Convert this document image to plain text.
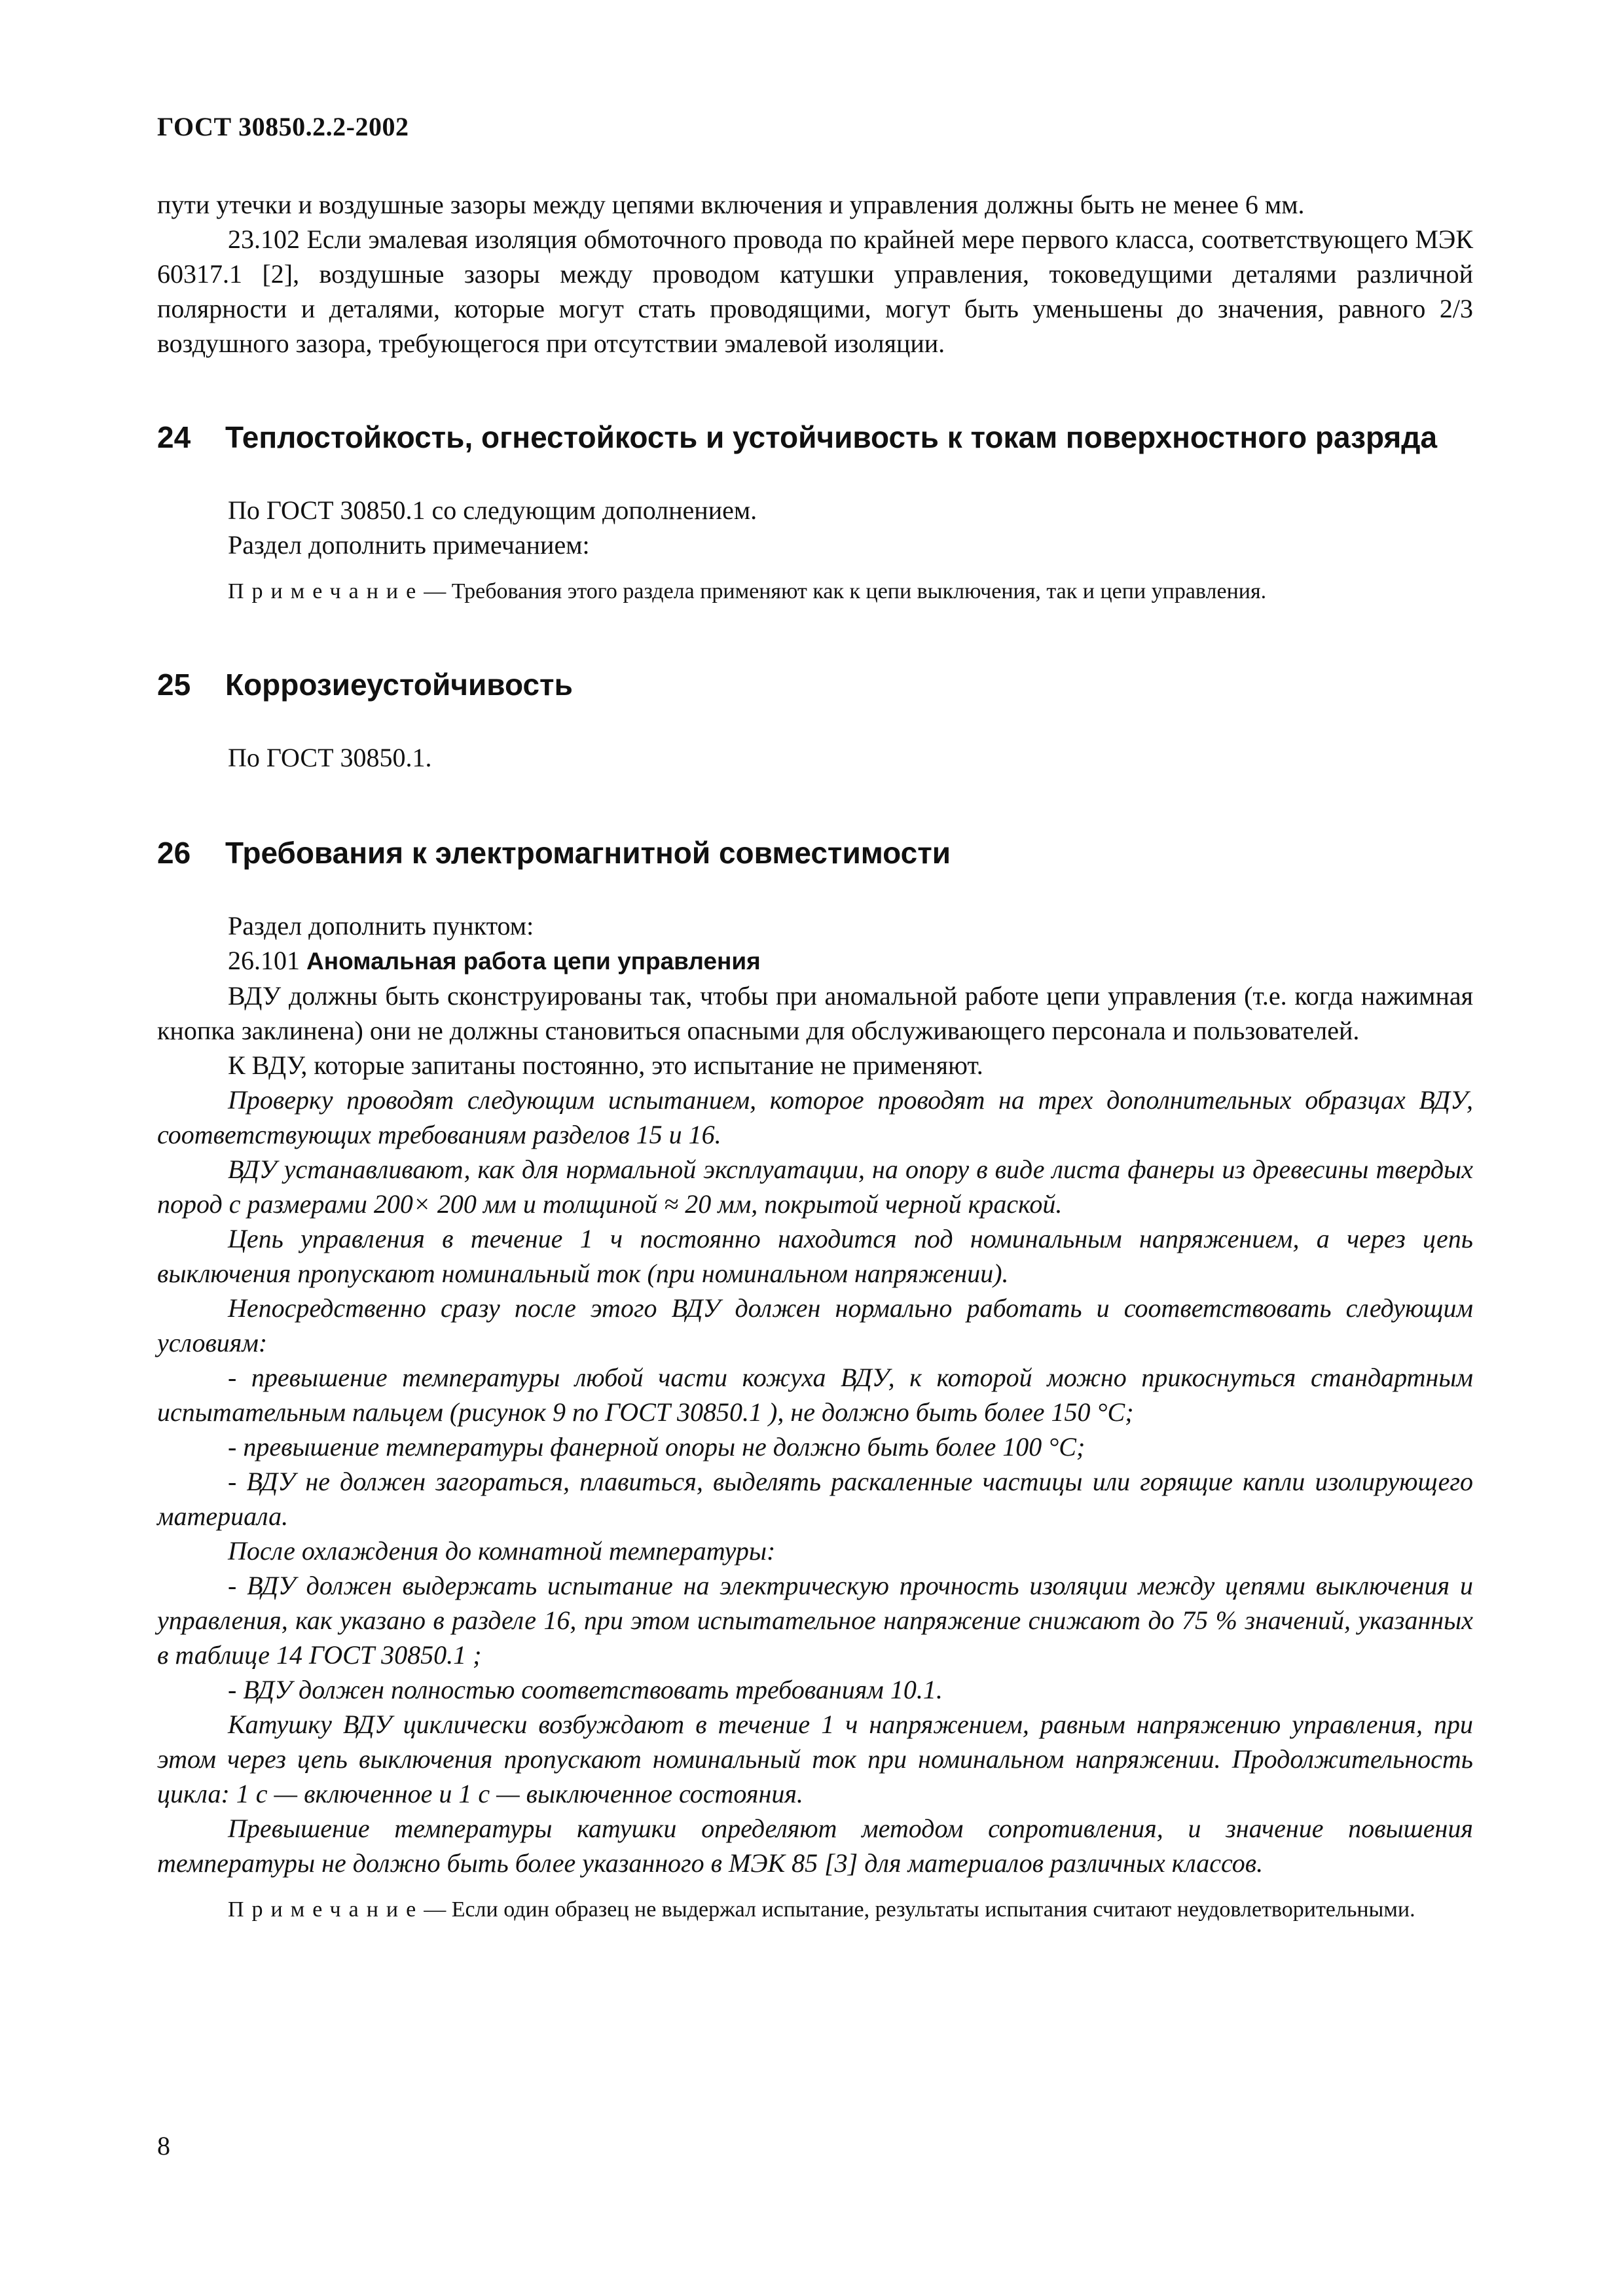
ГОСТ 30850.2.2-2002

пути утечки и воздушные зазоры между цепями включения и управления должны быть не менее 6 мм.

23.102 Если эмалевая изоляция обмоточного провода по крайней мере первого класса, соответствующего МЭК 60317.1 [2], воздушные зазоры между проводом катушки управления, токоведущими деталями различной полярности и деталями, которые могут стать проводящими, могут быть уменьшены до значения, равного 2/3 воздушного зазора, требующегося при отсутствии эмалевой изоляции.

24 Теплостойкость, огнестойкость и устойчивость к токам поверхностного разряда

По ГОСТ 30850.1 со следующим дополнением.

Раздел дополнить примечанием:

Примечание— Требования этого раздела применяют как к цепи выключения, так и цепи управления.

25 Коррозиеустойчивость

По ГОСТ 30850.1.

26 Требования к электромагнитной совместимости

Раздел дополнить пунктом:

26.101 Аномальная работа цепи управления

ВДУ должны быть сконструированы так, чтобы при аномальной работе цепи управления (т.е. когда нажимная кнопка заклинена) они не должны становиться опасными для обслуживающего персонала и пользователей.

К ВДУ, которые запитаны постоянно, это испытание не применяют.

Проверку проводят следующим испытанием, которое проводят на трех дополнительных образцах ВДУ, соответствующих требованиям разделов 15 и 16.

ВДУ устанавливают, как для нормальной эксплуатации, на опору в виде листа фанеры из древесины твердых пород с размерами 200× 200 мм и толщиной ≈ 20 мм, покрытой черной краской.

Цепь управления в течение 1 ч постоянно находится под номинальным напряжением, а через цепь выключения пропускают номинальный ток (при номинальном напряжении).

Непосредственно сразу после этого ВДУ должен нормально работать и соответствовать следующим условиям:

- превышение температуры любой части кожуха ВДУ, к которой можно прикоснуться стандартным испытательным пальцем (рисунок 9 по ГОСТ 30850.1 ), не должно быть более 150 °С;

- превышение температуры фанерной опоры не должно быть более 100 °С;

- ВДУ не должен загораться, плавиться, выделять раскаленные частицы или горящие капли изолирующего материала.

После охлаждения до комнатной температуры:

- ВДУ должен выдержать испытание на электрическую прочность изоляции между цепями выключения и управления, как указано в разделе 16, при этом испытательное напряжение снижают до 75 % значений, указанных в таблице 14 ГОСТ 30850.1 ;

- ВДУ должен полностью соответствовать требованиям 10.1.

Катушку ВДУ циклически возбуждают в течение 1 ч напряжением, равным напряжению управления, при этом через цепь выключения пропускают номинальный ток при номинальном напряжении. Продолжительность цикла: 1 с — включенное и 1 с — выключенное состояния.

Превышение температуры катушки определяют методом сопротивления, и значение повышения температуры не должно быть более указанного в МЭК 85 [3] для материалов различных классов.

Примечание— Если один образец не выдержал испытание, результаты испытания считают неудовлетворительными.

8
